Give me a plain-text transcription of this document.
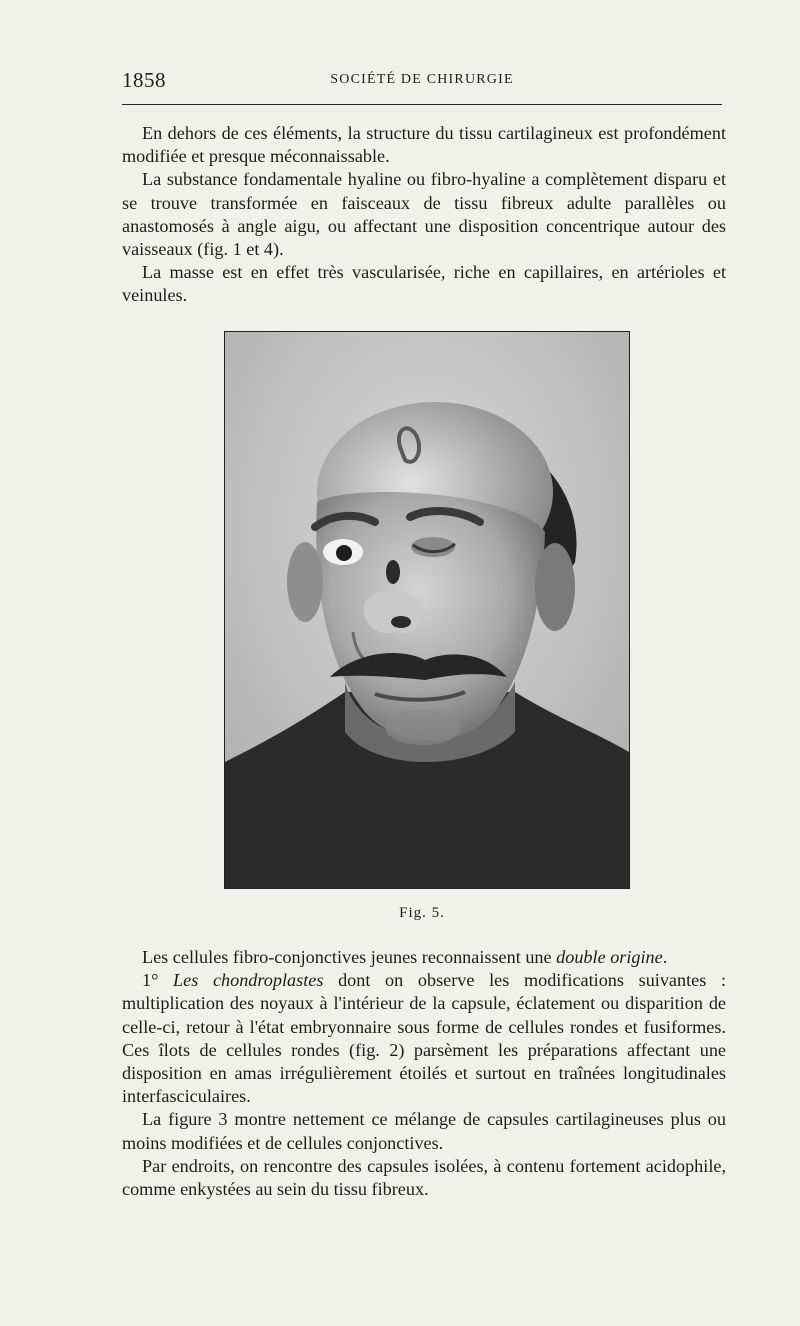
1858	SOCIÉTÉ DE CHIRURGIE

En dehors de ces éléments, la structure du tissu cartilagineux est profondément modifiée et presque méconnaissable.

La substance fondamentale hyaline ou fibro-hyaline a complètement disparu et se trouve transformée en faisceaux de tissu fibreux adulte parallèles ou anastomosés à angle aigu, ou affectant une disposition concentrique autour des vaisseaux (fig. 1 et 4).

La masse est en effet très vascularisée, riche en capillaires, en artérioles et veinules.

Fig. 5.

Les cellules fibro-conjonctives jeunes reconnaissent une double origine.

1° Les chondroplastes dont on observe les modifications suivantes : multiplication des noyaux à l'intérieur de la capsule, éclatement ou disparition de celle-ci, retour à l'état embryonnaire sous forme de cellules rondes et fusiformes. Ces îlots de cellules rondes (fig. 2) parsèment les préparations affectant une disposition en amas irrégulièrement étoilés et surtout en traînées longitudinales interfasciculaires.

La figure 3 montre nettement ce mélange de capsules cartilagineuses plus ou moins modifiées et de cellules conjonctives.

Par endroits, on rencontre des capsules isolées, à contenu fortement acidophile, comme enkystées au sein du tissu fibreux.
